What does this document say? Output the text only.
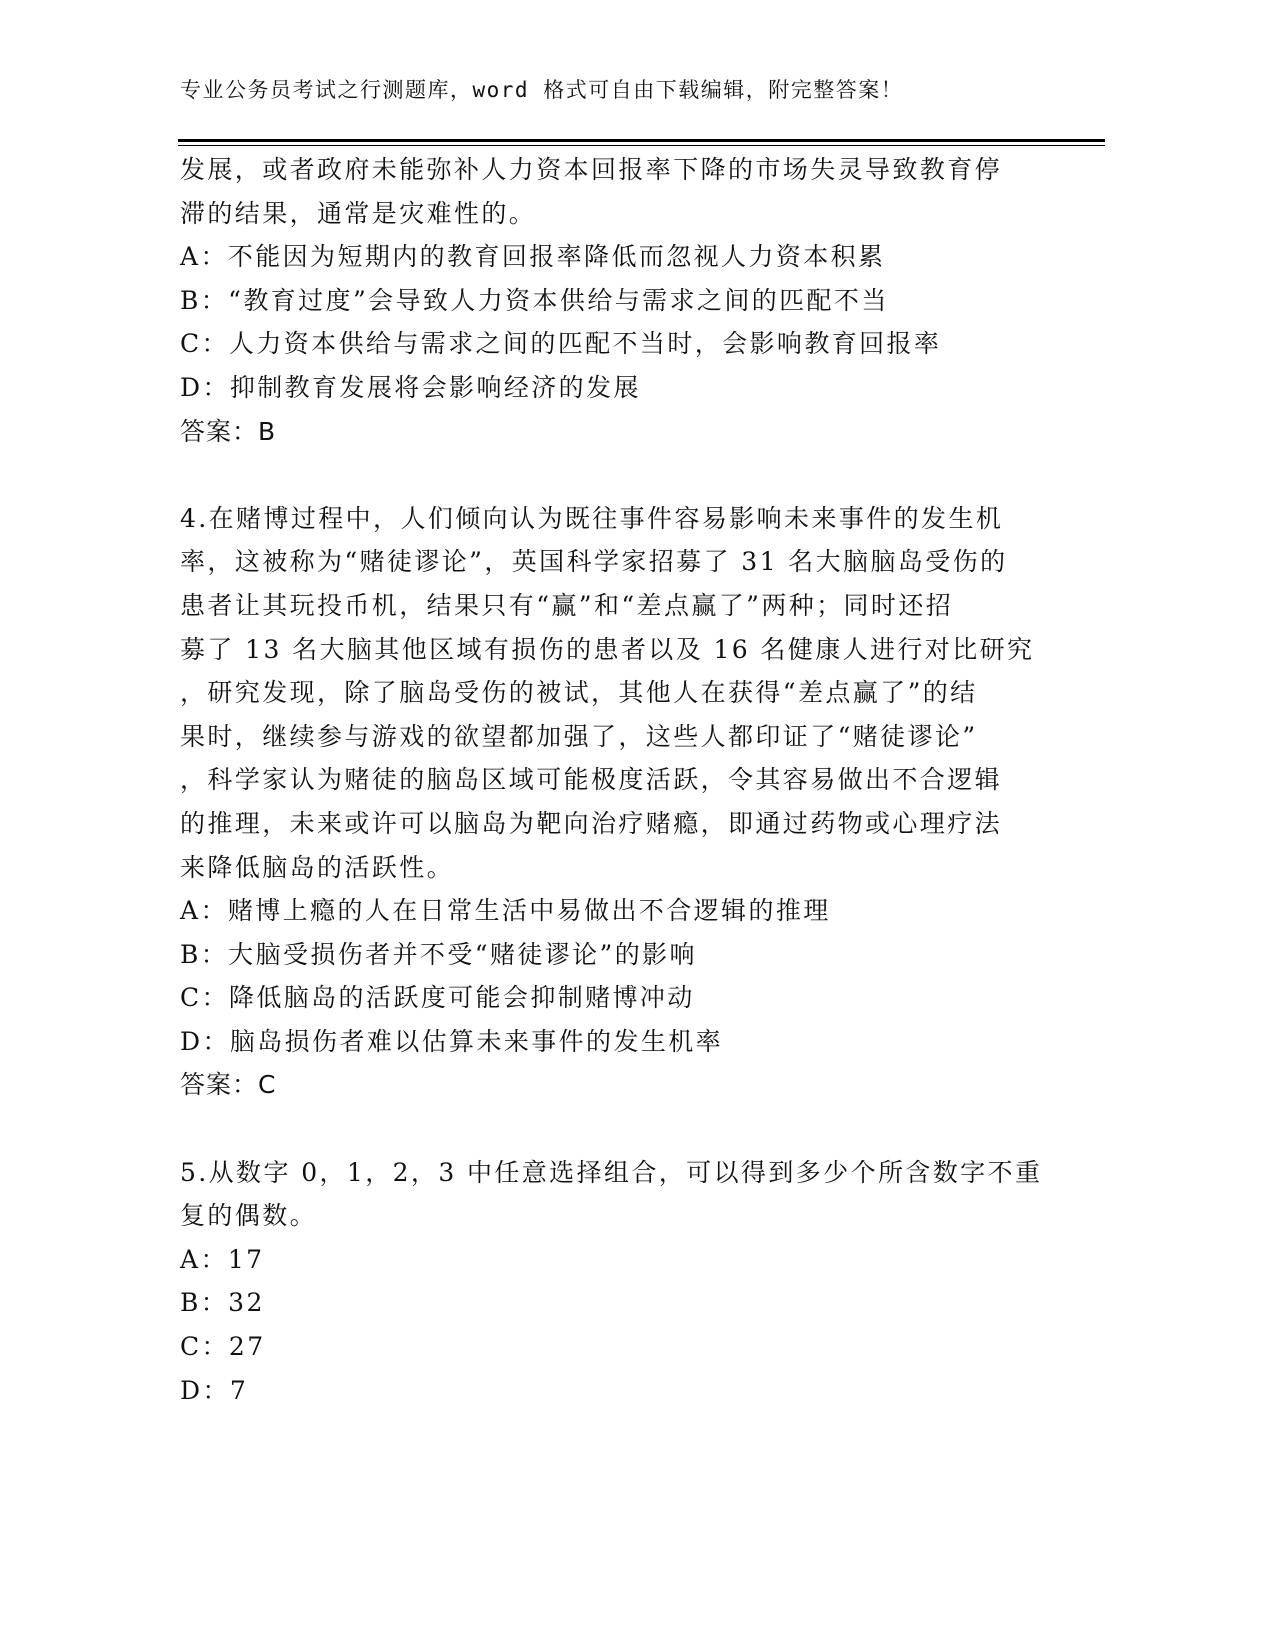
专业公务员考试之行测题库，word 格式可自由下载编辑，附完整答案！
发展，或者政府未能弥补人力资本回报率下降的市场失灵导致教育停
滞的结果，通常是灾难性的。
A：不能因为短期内的教育回报率降低而忽视人力资本积累
B：“教育过度”会导致人力资本供给与需求之间的匹配不当
C：人力资本供给与需求之间的匹配不当时，会影响教育回报率
D：抑制教育发展将会影响经济的发展
答案：B
4.在赌博过程中，人们倾向认为既往事件容易影响未来事件的发生机
率，这被称为“赌徒谬论”，英国科学家招募了 31 名大脑脑岛受伤的
患者让其玩投币机，结果只有“赢”和“差点赢了”两种；同时还招
募了 13 名大脑其他区域有损伤的患者以及 16 名健康人进行对比研究
，研究发现，除了脑岛受伤的被试，其他人在获得“差点赢了”的结
果时，继续参与游戏的欲望都加强了，这些人都印证了“赌徒谬论”
，科学家认为赌徒的脑岛区域可能极度活跃，令其容易做出不合逻辑
的推理，未来或许可以脑岛为靶向治疗赌瘾，即通过药物或心理疗法
来降低脑岛的活跃性。
A：赌博上瘾的人在日常生活中易做出不合逻辑的推理
B：大脑受损伤者并不受“赌徒谬论”的影响
C：降低脑岛的活跃度可能会抑制赌博冲动
D：脑岛损伤者难以估算未来事件的发生机率
答案：C
5.从数字 0，1，2，3 中任意选择组合，可以得到多少个所含数字不重
复的偶数。
A：17
B：32
C：27
D：7
